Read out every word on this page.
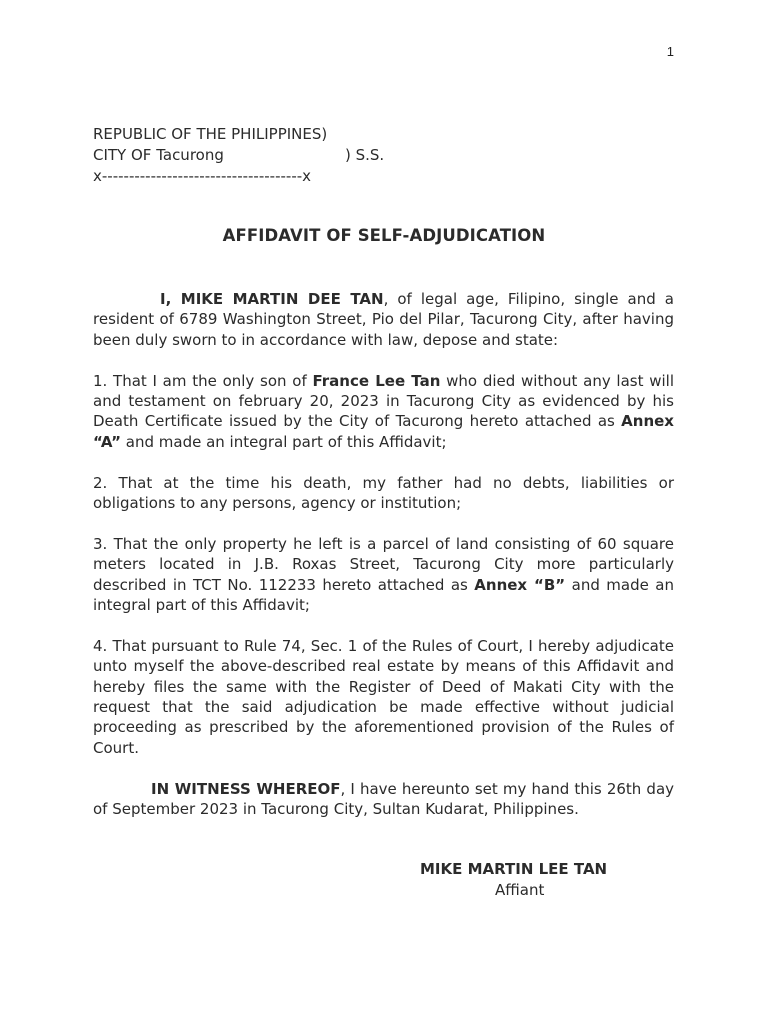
1
REPUBLIC OF THE PHILIPPINES)
CITY OF Tacurong	) S.S.
x-------------------------------------x
AFFIDAVIT OF SELF-ADJUDICATION

I, MIKE MARTIN DEE TAN, of legal age, Filipino, single and a resident of 6789 Washington Street, Pio del Pilar, Tacurong City, after having been duly sworn to in accordance with law, depose and state:

1. That I am the only son of France Lee Tan who died without any last will and testament on february 20, 2023 in Tacurong City as evidenced by his Death Certificate issued by the City of Tacurong hereto attached as Annex “A” and made an integral part of this Affidavit;

2. That at the time his death, my father had no debts, liabilities or obligations to any persons, agency or institution;

3. That the only property he left is a parcel of land consisting of 60 square meters located in J.B. Roxas Street, Tacurong City more particularly described in TCT No. 112233 hereto attached as Annex “B” and made an integral part of this Affidavit;

4. That pursuant to Rule 74, Sec. 1 of the Rules of Court, I hereby adjudicate unto myself the above-described real estate by means of this Affidavit and hereby files the same with the Register of Deed of Makati City with the request that the said adjudication be made effective without judicial proceeding as prescribed by the aforementioned provision of the Rules of Court.

IN WITNESS WHEREOF, I have hereunto set my hand this 26th day of September 2023 in Tacurong City, Sultan Kudarat, Philippines.

MIKE MARTIN LEE TAN
Affiant
